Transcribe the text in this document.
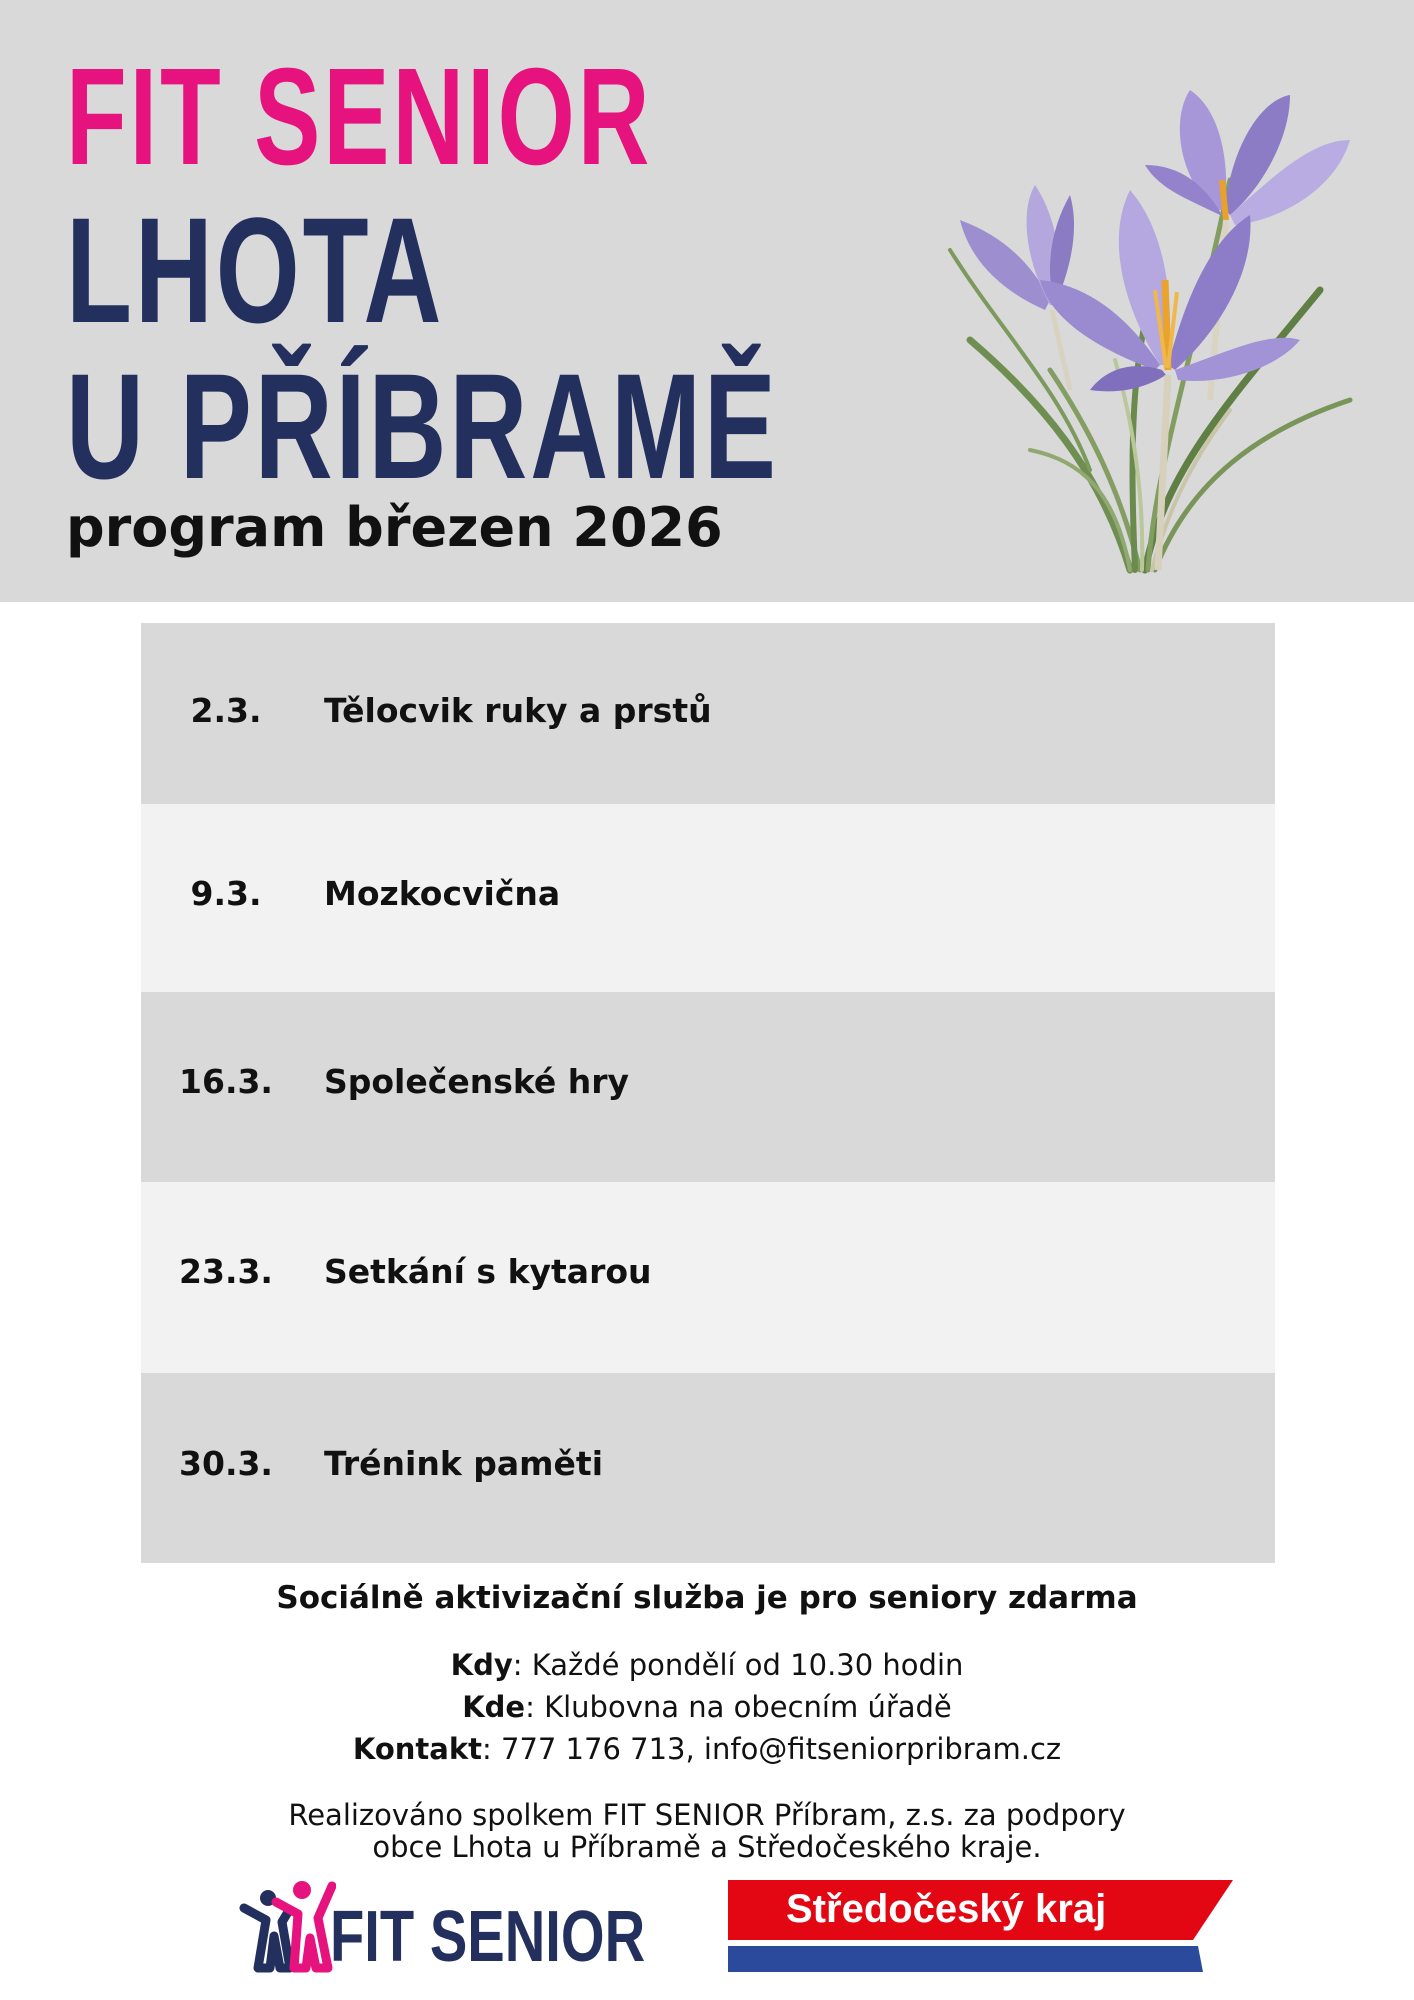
FIT SENIOR
LHOTA
U PŘÍBRAMĚ
program březen 2026
2.3.	Tělocvik ruky a prstů
9.3.	Mozkocvična
16.3.	Společenské hry
23.3.	Setkání s kytarou
30.3.	Trénink paměti
Sociálně aktivizační služba je pro seniory zdarma
Kdy: Každé pondělí od 10.30 hodin
Kde: Klubovna na obecním úřadě
Kontakt: 777 176 713, info@fitseniorpribram.cz
Realizováno spolkem FIT SENIOR Příbram, z.s. za podpory
obce Lhota u Příbramě a Středočeského kraje.
FIT SENIOR	Středočeský kraj
